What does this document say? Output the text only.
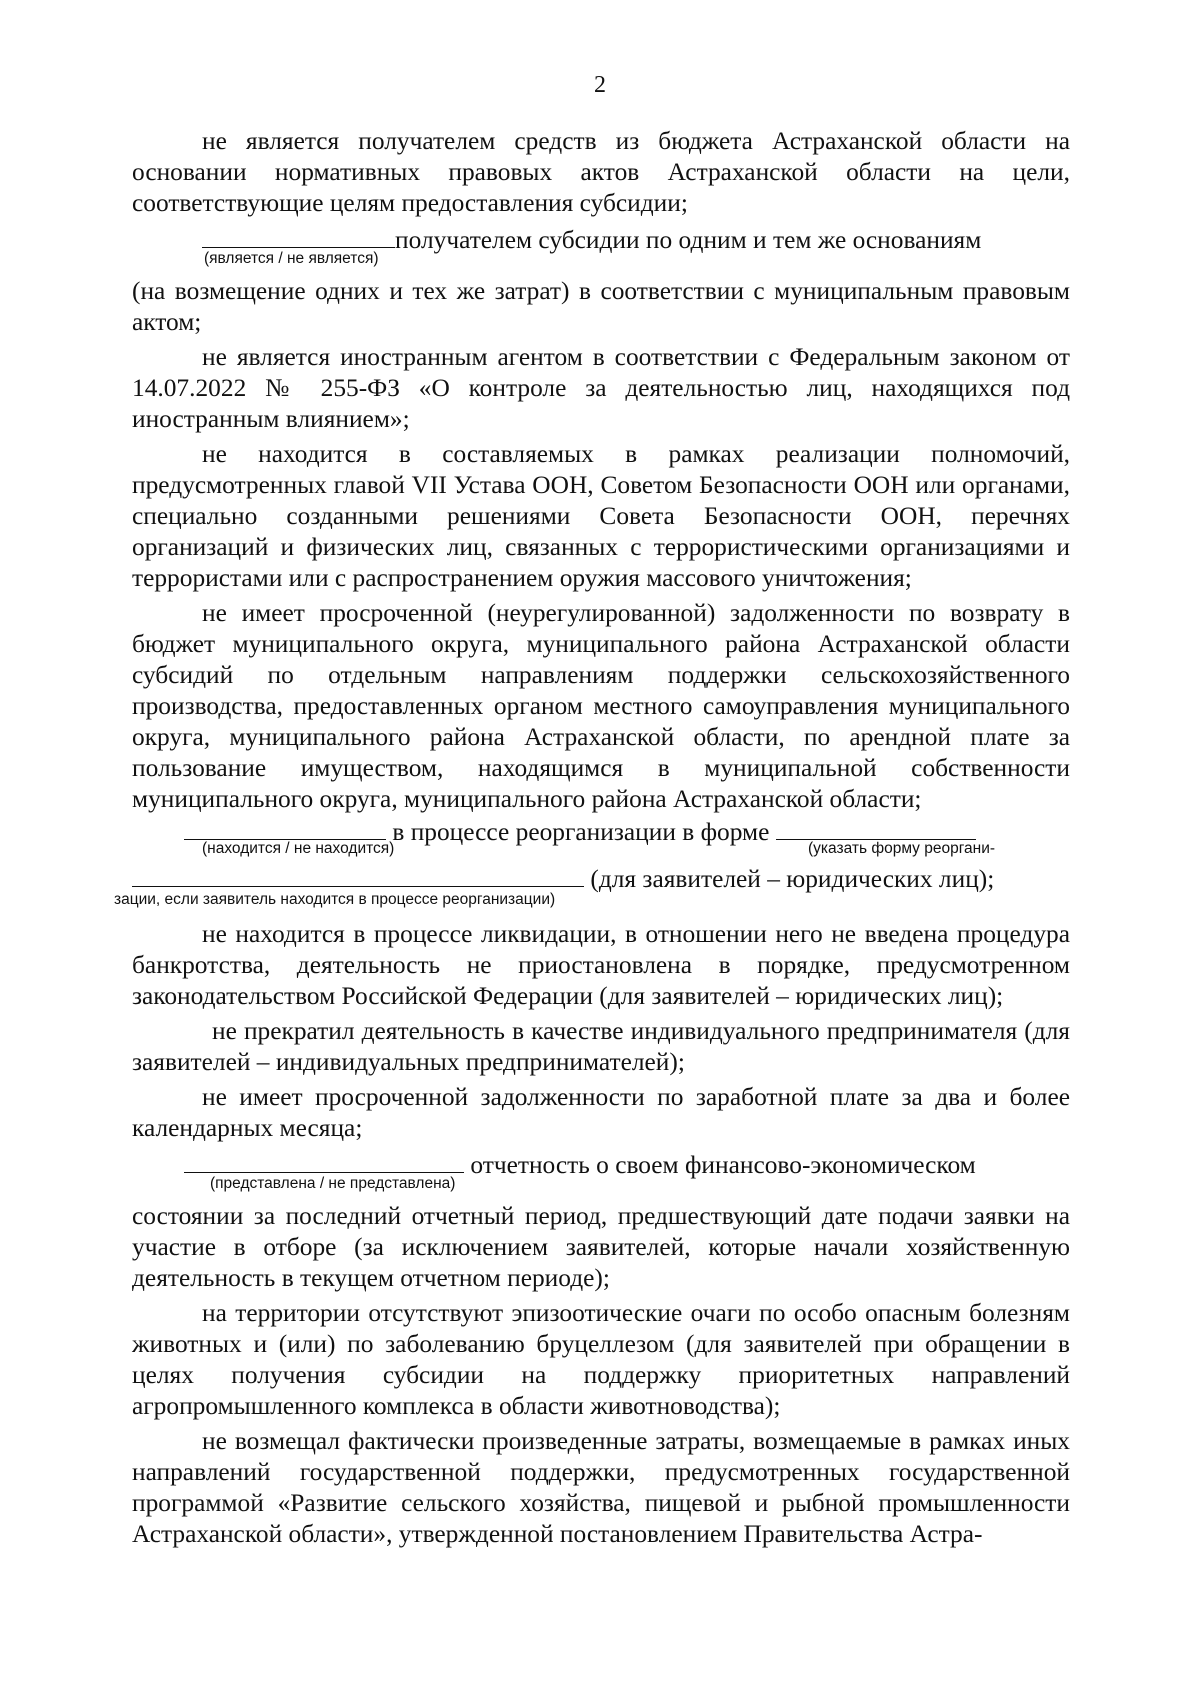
2

не является получателем средств из бюджета Астраханской области на основании нормативных правовых актов Астраханской области на цели, соответствующие целям предоставления субсидии;

получателем субсидии по одним и тем же основаниям
(является / не является)

(на возмещение одних и тех же затрат) в соответствии с муниципальным правовым актом;

не является иностранным агентом в соответствии с Федеральным законом от 14.07.2022 № 255-ФЗ «О контроле за деятельностью лиц, находящихся под иностранным влиянием»;

не находится в составляемых в рамках реализации полномочий, предусмотренных главой VII Устава ООН, Советом Безопасности ООН или органами, специально созданными решениями Совета Безопасности ООН, перечнях организаций и физических лиц, связанных с террористическими организациями и террористами или с распространением оружия массового уничтожения;

не имеет просроченной (неурегулированной) задолженности по возврату в бюджет муниципального округа, муниципального района Астраханской области субсидий по отдельным направлениям поддержки сельскохозяйственного производства, предоставленных органом местного самоуправления муниципального округа, муниципального района Астраханской области, по арендной плате за пользование имуществом, находящимся в муниципальной собственности муниципального округа, муниципального района Астраханской области;

в процессе реорганизации в форме
(находится / не находится)	(указать форму реоргани-
(для заявителей – юридических лиц);
зации, если заявитель находится в процессе реорганизации)

не находится в процессе ликвидации, в отношении него не введена процедура банкротства, деятельность не приостановлена в порядке, предусмотренном законодательством Российской Федерации (для заявителей – юридических лиц);

не прекратил деятельность в качестве индивидуального предпринимателя (для заявителей – индивидуальных предпринимателей);

не имеет просроченной задолженности по заработной плате за два и более календарных месяца;

отчетность о своем финансово-экономическом
(представлена / не представлена)

состоянии за последний отчетный период, предшествующий дате подачи заявки на участие в отборе (за исключением заявителей, которые начали хозяйственную деятельность в текущем отчетном периоде);

на территории отсутствуют эпизоотические очаги по особо опасным болезням животных и (или) по заболеванию бруцеллезом (для заявителей при обращении в целях получения субсидии на поддержку приоритетных направлений агропромышленного комплекса в области животноводства);

не возмещал фактически произведенные затраты, возмещаемые в рамках иных направлений государственной поддержки, предусмотренных государственной программой «Развитие сельского хозяйства, пищевой и рыбной промышленности Астраханской области», утвержденной постановлением Правительства Астра-
